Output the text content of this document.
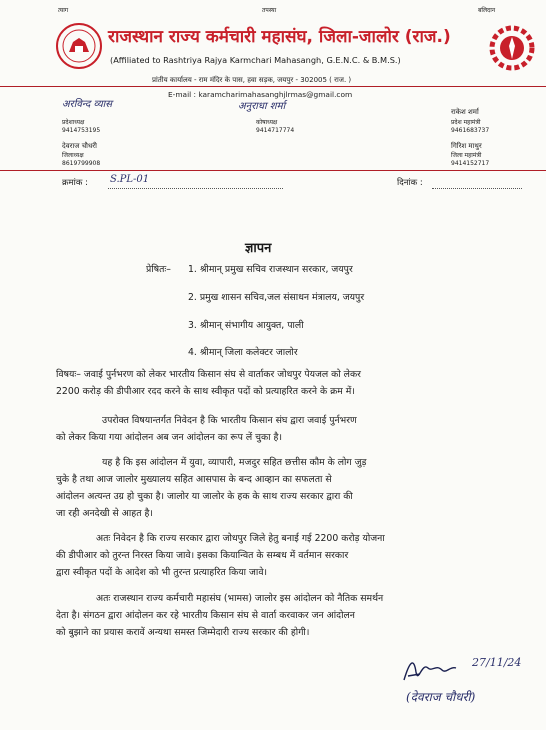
त्याग	तपस्या	बलिदान
राजस्थान राज्य कर्मचारी महासंघ, जिला-जालोर (राज.)
(Affiliated to Rashtriya Rajya Karmchari Mahasangh, G.E.N.C. & B.M.S.)
प्रांतीय कार्यालय - राम मंदिर के पास, हवा सड़क, जयपुर - 302005 ( राज. )
E-mail : karamcharimahasanghjlrmas@gmail.com
अरविन्द व्यास
प्रदेशाध्यक्ष
9414753195
अनुराधा शर्मा
कोषाध्यक्ष
9414717774
राकेश शर्मा
प्रदेश महामंत्री
9461683737
देवराज चौधरी
जिलाध्यक्ष
8619799908
गिरिश माथुर
जिला महामंत्री
9414152717
क्रमांक : S.PL-01	दिनांक :
ज्ञापन
प्रेषितः– 1. श्रीमान् प्रमुख सचिव राजस्थान सरकार, जयपुर
2. प्रमुख शासन सचिव,जल संसाधन मंत्रालय, जयपुर
3. श्रीमान् संभागीय आयुक्त, पाली
4. श्रीमान् जिला कलेक्टर जालोर
विषयः– जवाई पुर्नभरण को लेकर भारतीय किसान संघ से वार्ताकर जोधपुर पेयजल को लेकर
2200 करोड़ की डीपीआर रदद करने के साथ स्वीकृत पदों को प्रत्याहरित करने के क्रम में।
उपरोक्त विषयान्तर्गत निवेदन है कि भारतीय किसान संघ द्वारा जवाई पुर्नभरण
को लेकर किया गया आंदोलन अब जन आंदोलन का रूप लें चुका है।
यह है कि इस आंदोलन में युवा, व्यापारी, मजदुर सहित छत्तीस कौम के लोग जुड़
चुके है तथा आज जालोर मुख्यालय सहित आसपास के बन्द आव्हान का सफलता से
आंदोलन अत्यन्त उग्र हो चुका है। जालोर या जालोर के हक के साथ राज्य सरकार द्वारा की
जा रही अनदेखी से आहत है।
अतः निवेदन है कि राज्य सरकार द्वारा जोधपुर जिले हेतु बनाई गई 2200 करोड़ योजना
की डीपीआर को तुरन्त निरस्त किया जावे। इसका कियान्वित के सम्बध में वर्तमान सरकार
द्वारा स्वीकृत पदों के आदेश को भी तुरन्त प्रत्याहरित किया जावे।
अतः राजस्थान राज्य कर्मचारी महासंघ (भामस) जालोर इस आंदोलन को नैतिक समर्थन
देता है। संगठन द्वारा आंदोलन कर रहे भारतीय किसान संघ से वार्ता करवाकर जन आंदोलन
को बुझाने का प्रयास करावें अन्यथा समस्त जिम्मेदारी राज्य सरकार की होगी।
27/11/24
(देवराज चौधरी)
